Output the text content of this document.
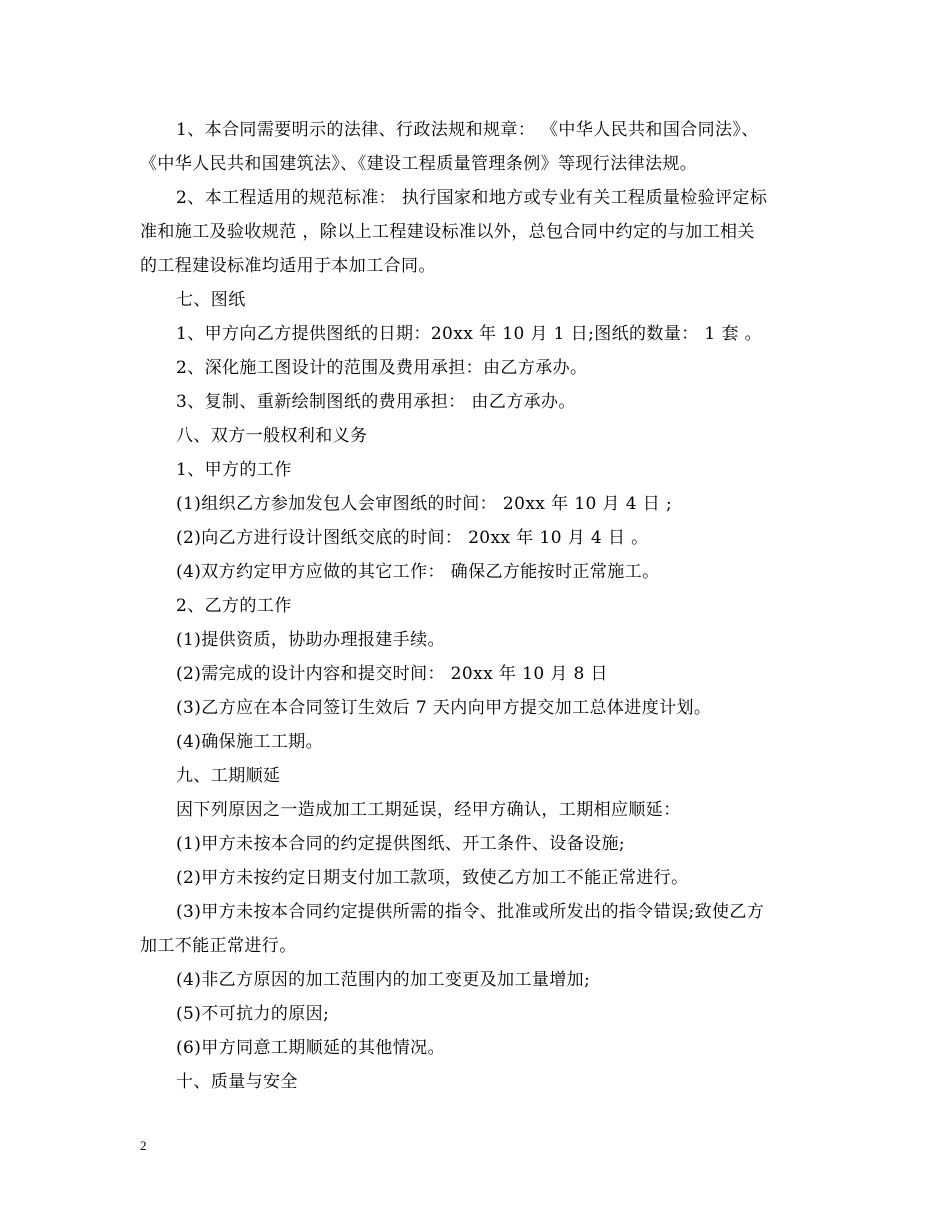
1、本合同需要明示的法律、行政法规和规章： 《中华人民共和国合同法》、

《中华人民共和国建筑法》、《建设工程质量管理条例》等现行法律法规。

2、本工程适用的规范标准： 执行国家和地方或专业有关工程质量检验评定标

准和施工及验收规范 ，除以上工程建设标准以外，总包合同中约定的与加工相关

的工程建设标准均适用于本加工合同。

七、图纸

1、甲方向乙方提供图纸的日期：20xx 年 10 月 1 日;图纸的数量： 1 套 。

2、深化施工图设计的范围及费用承担：由乙方承办。

3、复制、重新绘制图纸的费用承担： 由乙方承办。

八、双方一般权利和义务

1、甲方的工作

(1)组织乙方参加发包人会审图纸的时间： 20xx 年 10 月 4 日 ;

(2)向乙方进行设计图纸交底的时间： 20xx 年 10 月 4 日 。

(4)双方约定甲方应做的其它工作： 确保乙方能按时正常施工。

2、乙方的工作

(1)提供资质，协助办理报建手续。

(2)需完成的设计内容和提交时间： 20xx 年 10 月 8 日

(3)乙方应在本合同签订生效后 7 天内向甲方提交加工总体进度计划。

(4)确保施工工期。

九、工期顺延

因下列原因之一造成加工工期延误，经甲方确认，工期相应顺延：

(1)甲方未按本合同的约定提供图纸、开工条件、设备设施;

(2)甲方未按约定日期支付加工款项，致使乙方加工不能正常进行。

(3)甲方未按本合同约定提供所需的指令、批准或所发出的指令错误;致使乙方

加工不能正常进行。

(4)非乙方原因的加工范围内的加工变更及加工量增加;

(5)不可抗力的原因;

(6)甲方同意工期顺延的其他情况。

十、质量与安全

2
